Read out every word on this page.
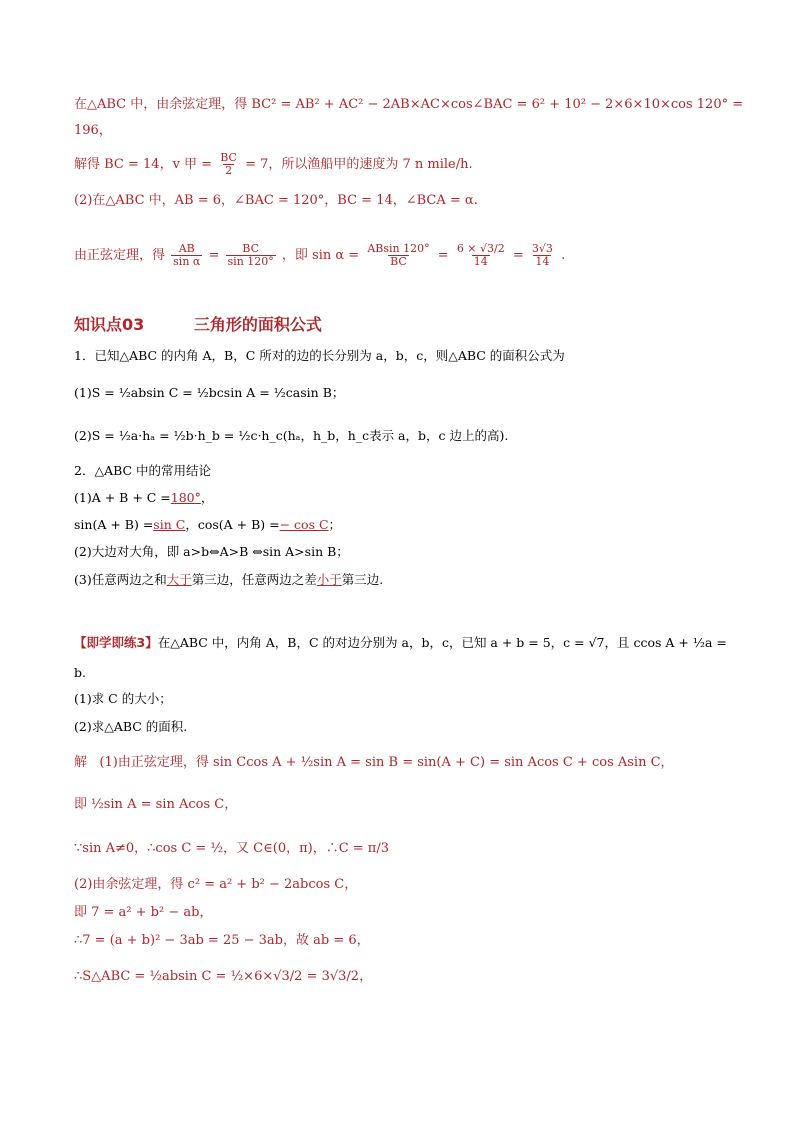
在△ABC 中，由余弦定理，得 BC² = AB² + AC² − 2AB×AC×cos∠BAC = 6² + 10² − 2×6×10×cos 120° =
196，
解得 BC = 14，v 甲 = $\frac{BC}{2} = 7$，所以渔船甲的速度为 7 n mile/h.
(2)在△ABC 中，AB = 6，∠BAC = 120°，BC = 14，∠BCA = α.
由正弦定理，得 $\frac{AB}{\text{sin α}} = \frac{BC}{\sin 120^\circ}$ ，即 $\sin \alpha = \frac{ABsin 120^\circ}{BC} = \frac{6 \times √3/2}{14} = \frac{3√3}{14}$ .
知识点03	三角形的面积公式
1．已知△ABC 的内角 A，B，C 所对的边的长分别为 a，b，c，则△ABC 的面积公式为
(1)S = ½absin C = ½bcsin A = ½casin B；
(2)S = ½a·hₐ = ½b·h_b = ½c·h_c(hₐ，h_b，h_c表示 a，b，c 边上的高).
2．△ABC 中的常用结论
(1)A + B + C =180°，
sin(A + B) =sin C，cos(A + B) =− cos C；
(2)大边对大角，即 a>b⇔A>B ⇔sin A>sin B；
(3)任意两边之和大于第三边，任意两边之差小于第三边.
【即学即练3】在△ABC 中，内角 A，B，C 的对边分别为 a，b，c，已知 a + b = 5，c = √7，且 ccos A + ½a =
b.
(1)求 C 的大小；
(2)求△ABC 的面积.
解 (1)由正弦定理，得 sin Ccos A + ½sin A = sin B = sin(A + C) = sin Acos C + cos Asin C，
即 ½sin A = sin Acos C，
∵sin A≠0，∴cos C = ½，又 C∈(0，π)，∴C = π/3
(2)由余弦定理，得 c² = a² + b² − 2abcos C，
即 7 = a² + b² − ab，
∴7 = (a + b)² − 3ab = 25 − 3ab，故 ab = 6，
∴S△ABC = ½absin C = ½×6×√3/2 = 3√3/2，
